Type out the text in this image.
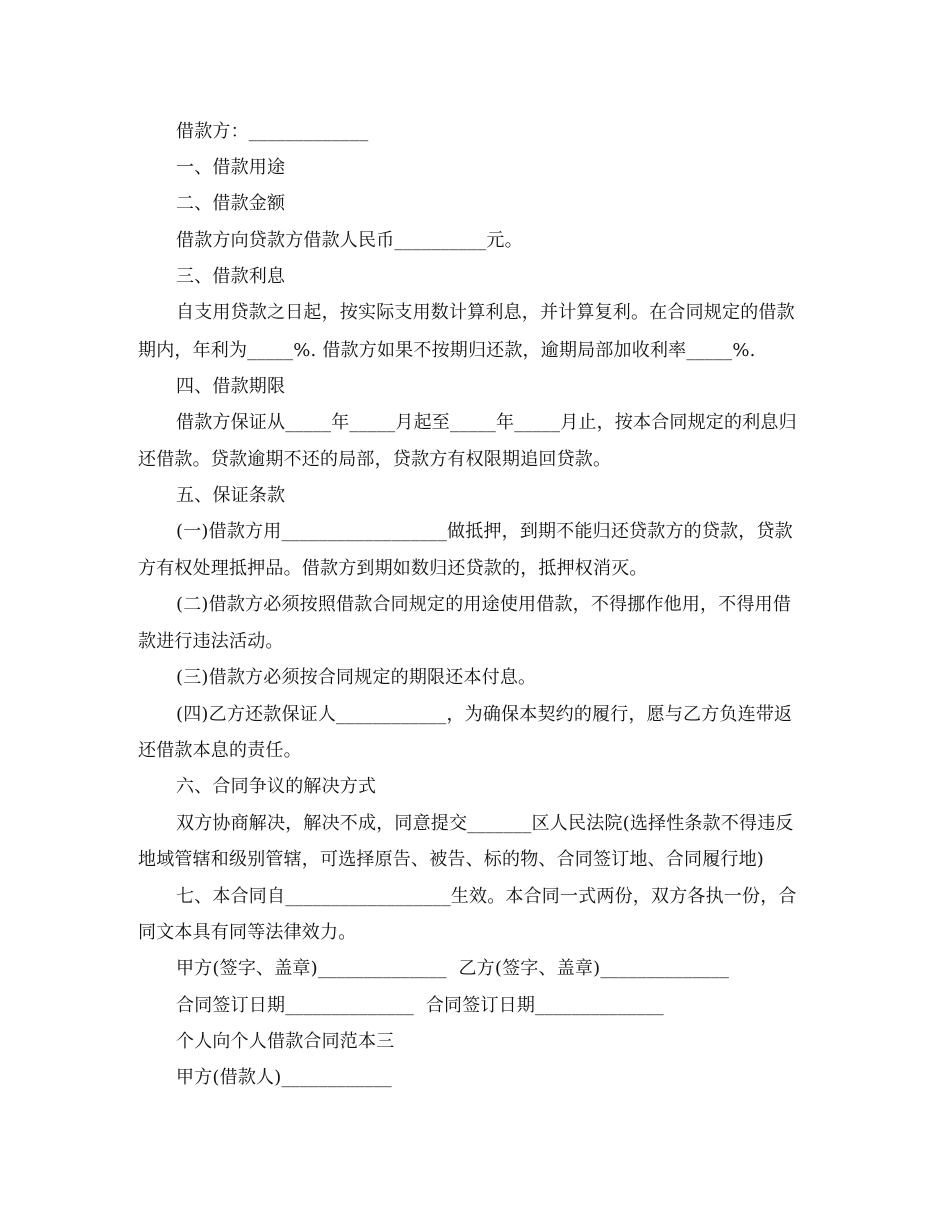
借款方：_____________
一、借款用途
二、借款金额
借款方向贷款方借款人民币__________元。
三、借款利息
自支用贷款之日起，按实际支用数计算利息，并计算复利。在合同规定的借款
期内，年利为_____%. 借款方如果不按期归还款，逾期局部加收利率_____%.
四、借款期限
借款方保证从_____年_____月起至_____年_____月止，按本合同规定的利息归
还借款。贷款逾期不还的局部，贷款方有权限期追回贷款。
五、保证条款
(一)借款方用__________________做抵押，到期不能归还贷款方的贷款，贷款
方有权处理抵押品。借款方到期如数归还贷款的，抵押权消灭。
(二)借款方必须按照借款合同规定的用途使用借款，不得挪作他用，不得用借
款进行违法活动。
(三)借款方必须按合同规定的期限还本付息。
(四)乙方还款保证人____________，为确保本契约的履行，愿与乙方负连带返
还借款本息的责任。
六、合同争议的解决方式
双方协商解决，解决不成，同意提交_______区人民法院(选择性条款不得违反
地域管辖和级别管辖，可选择原告、被告、标的物、合同签订地、合同履行地)
七、本合同自__________________生效。本合同一式两份，双方各执一份，合
同文本具有同等法律效力。
甲方(签字、盖章)______________  乙方(签字、盖章)______________
合同签订日期______________  合同签订日期______________
个人向个人借款合同范本三
甲方(借款人)____________
